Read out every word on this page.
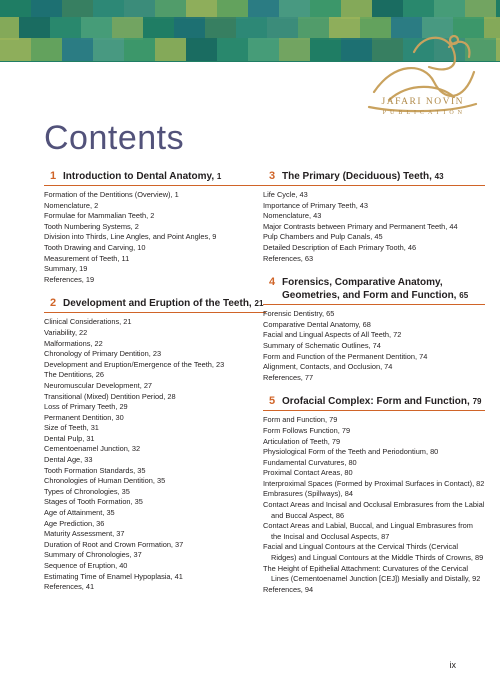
JAFARI NOVIN
PUBLICATION
Contents
1 Introduction to Dental Anatomy, 1
Formation of the Dentitions (Overview), 1
Nomenclature, 2
Formulae for Mammalian Teeth, 2
Tooth Numbering Systems, 2
Division into Thirds, Line Angles, and Point Angles, 9
Tooth Drawing and Carving, 10
Measurement of Teeth, 11
Summary, 19
References, 19
2 Development and Eruption of the Teeth, 21
Clinical Considerations, 21
Variability, 22
Malformations, 22
Chronology of Primary Dentition, 23
Development and Eruption/Emergence of the Teeth, 23
The Dentitions, 26
Neuromuscular Development, 27
Transitional (Mixed) Dentition Period, 28
Loss of Primary Teeth, 29
Permanent Dentition, 30
Size of Teeth, 31
Dental Pulp, 31
Cementoenamel Junction, 32
Dental Age, 33
Tooth Formation Standards, 35
Chronologies of Human Dentition, 35
Types of Chronologies, 35
Stages of Tooth Formation, 35
Age of Attainment, 35
Age Prediction, 36
Maturity Assessment, 37
Duration of Root and Crown Formation, 37
Summary of Chronologies, 37
Sequence of Eruption, 40
Estimating Time of Enamel Hypoplasia, 41
References, 41
3 The Primary (Deciduous) Teeth, 43
Life Cycle, 43
Importance of Primary Teeth, 43
Nomenclature, 43
Major Contrasts between Primary and Permanent Teeth, 44
Pulp Chambers and Pulp Canals, 45
Detailed Description of Each Primary Tooth, 46
References, 63
4 Forensics, Comparative Anatomy, Geometries, and Form and Function, 65
Forensic Dentistry, 65
Comparative Dental Anatomy, 68
Facial and Lingual Aspects of All Teeth, 72
Summary of Schematic Outlines, 74
Form and Function of the Permanent Dentition, 74
Alignment, Contacts, and Occlusion, 74
References, 77
5 Orofacial Complex: Form and Function, 79
Form and Function, 79
Form Follows Function, 79
Articulation of Teeth, 79
Physiological Form of the Teeth and Periodontium, 80
Fundamental Curvatures, 80
Proximal Contact Areas, 80
Interproximal Spaces (Formed by Proximal Surfaces in Contact), 82
Embrasures (Spillways), 84
Contact Areas and Incisal and Occlusal Embrasures from the Labial and Buccal Aspect, 86
Contact Areas and Labial, Buccal, and Lingual Embrasures from the Incisal and Occlusal Aspects, 87
Facial and Lingual Contours at the Cervical Thirds (Cervical Ridges) and Lingual Contours at the Middle Thirds of Crowns, 89
The Height of Epithelial Attachment: Curvatures of the Cervical Lines (Cementoenamel Junction [CEJ]) Mesially and Distally, 92
References, 94
ix
